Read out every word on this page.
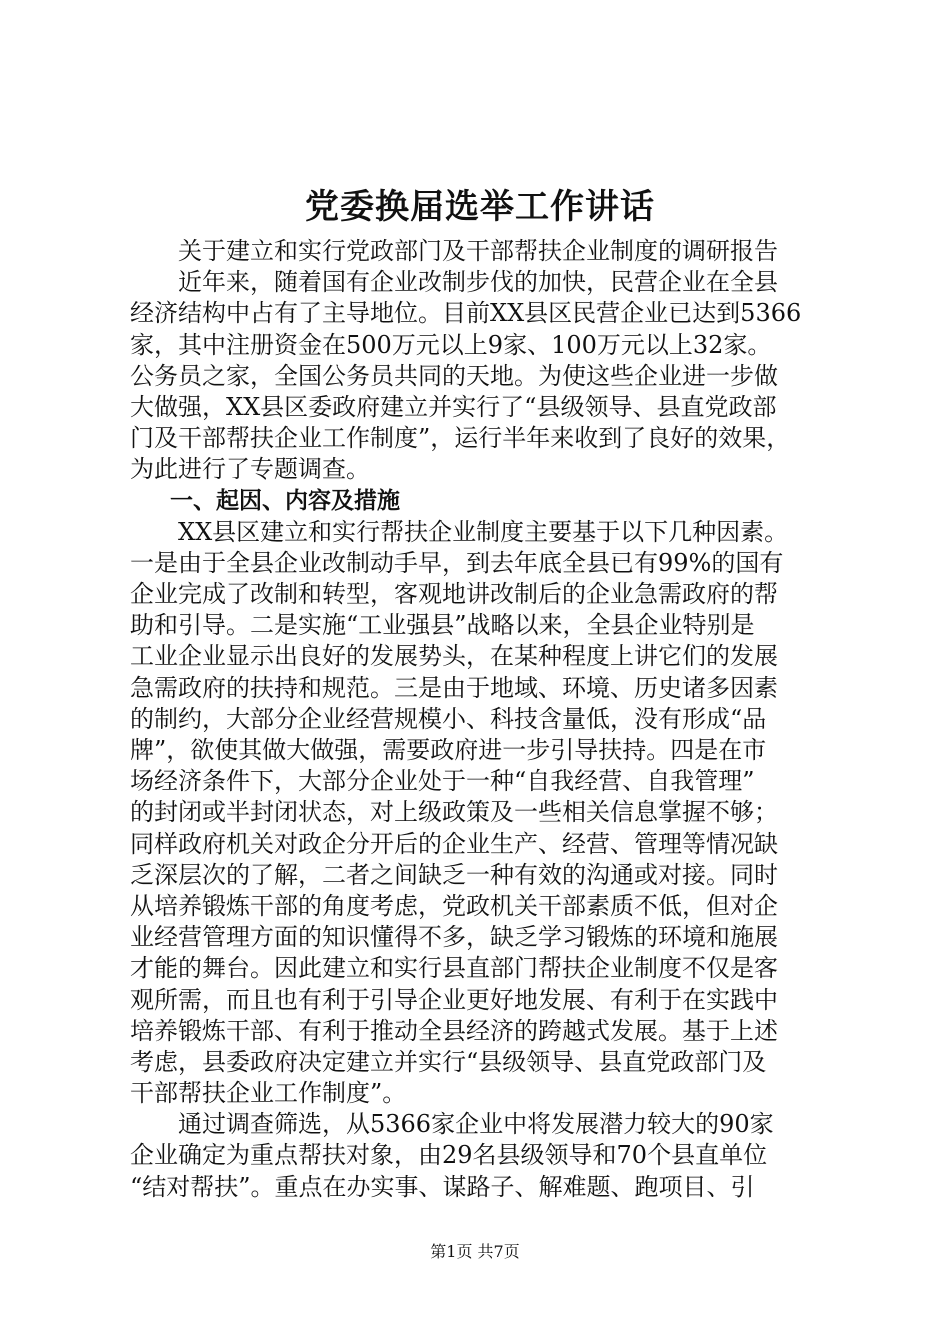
党委换届选举工作讲话
关于建立和实行党政部门及干部帮扶企业制度的调研报告
近年来，随着国有企业改制步伐的加快，民营企业在全县
经济结构中占有了主导地位。目前XX县区民营企业已达到5366
家，其中注册资金在500万元以上9家、100万元以上32家。
公务员之家，全国公务员共同的天地。为使这些企业进一步做
大做强，XX县区委政府建立并实行了“县级领导、县直党政部
门及干部帮扶企业工作制度”，运行半年来收到了良好的效果，
为此进行了专题调查。
一、起因、内容及措施
XX县区建立和实行帮扶企业制度主要基于以下几种因素。
一是由于全县企业改制动手早，到去年底全县已有99%的国有
企业完成了改制和转型，客观地讲改制后的企业急需政府的帮
助和引导。二是实施“工业强县”战略以来，全县企业特别是
工业企业显示出良好的发展势头，在某种程度上讲它们的发展
急需政府的扶持和规范。三是由于地域、环境、历史诸多因素
的制约，大部分企业经营规模小、科技含量低，没有形成“品
牌”，欲使其做大做强，需要政府进一步引导扶持。四是在市
场经济条件下，大部分企业处于一种“自我经营、自我管理”
的封闭或半封闭状态，对上级政策及一些相关信息掌握不够；
同样政府机关对政企分开后的企业生产、经营、管理等情况缺
乏深层次的了解，二者之间缺乏一种有效的沟通或对接。同时
从培养锻炼干部的角度考虑，党政机关干部素质不低，但对企
业经营管理方面的知识懂得不多，缺乏学习锻炼的环境和施展
才能的舞台。因此建立和实行县直部门帮扶企业制度不仅是客
观所需，而且也有利于引导企业更好地发展、有利于在实践中
培养锻炼干部、有利于推动全县经济的跨越式发展。基于上述
考虑，县委政府决定建立并实行“县级领导、县直党政部门及
干部帮扶企业工作制度”。
通过调查筛选，从5366家企业中将发展潜力较大的90家
企业确定为重点帮扶对象，由29名县级领导和70个县直单位
“结对帮扶”。重点在办实事、谋路子、解难题、跑项目、引
第1页 共7页
